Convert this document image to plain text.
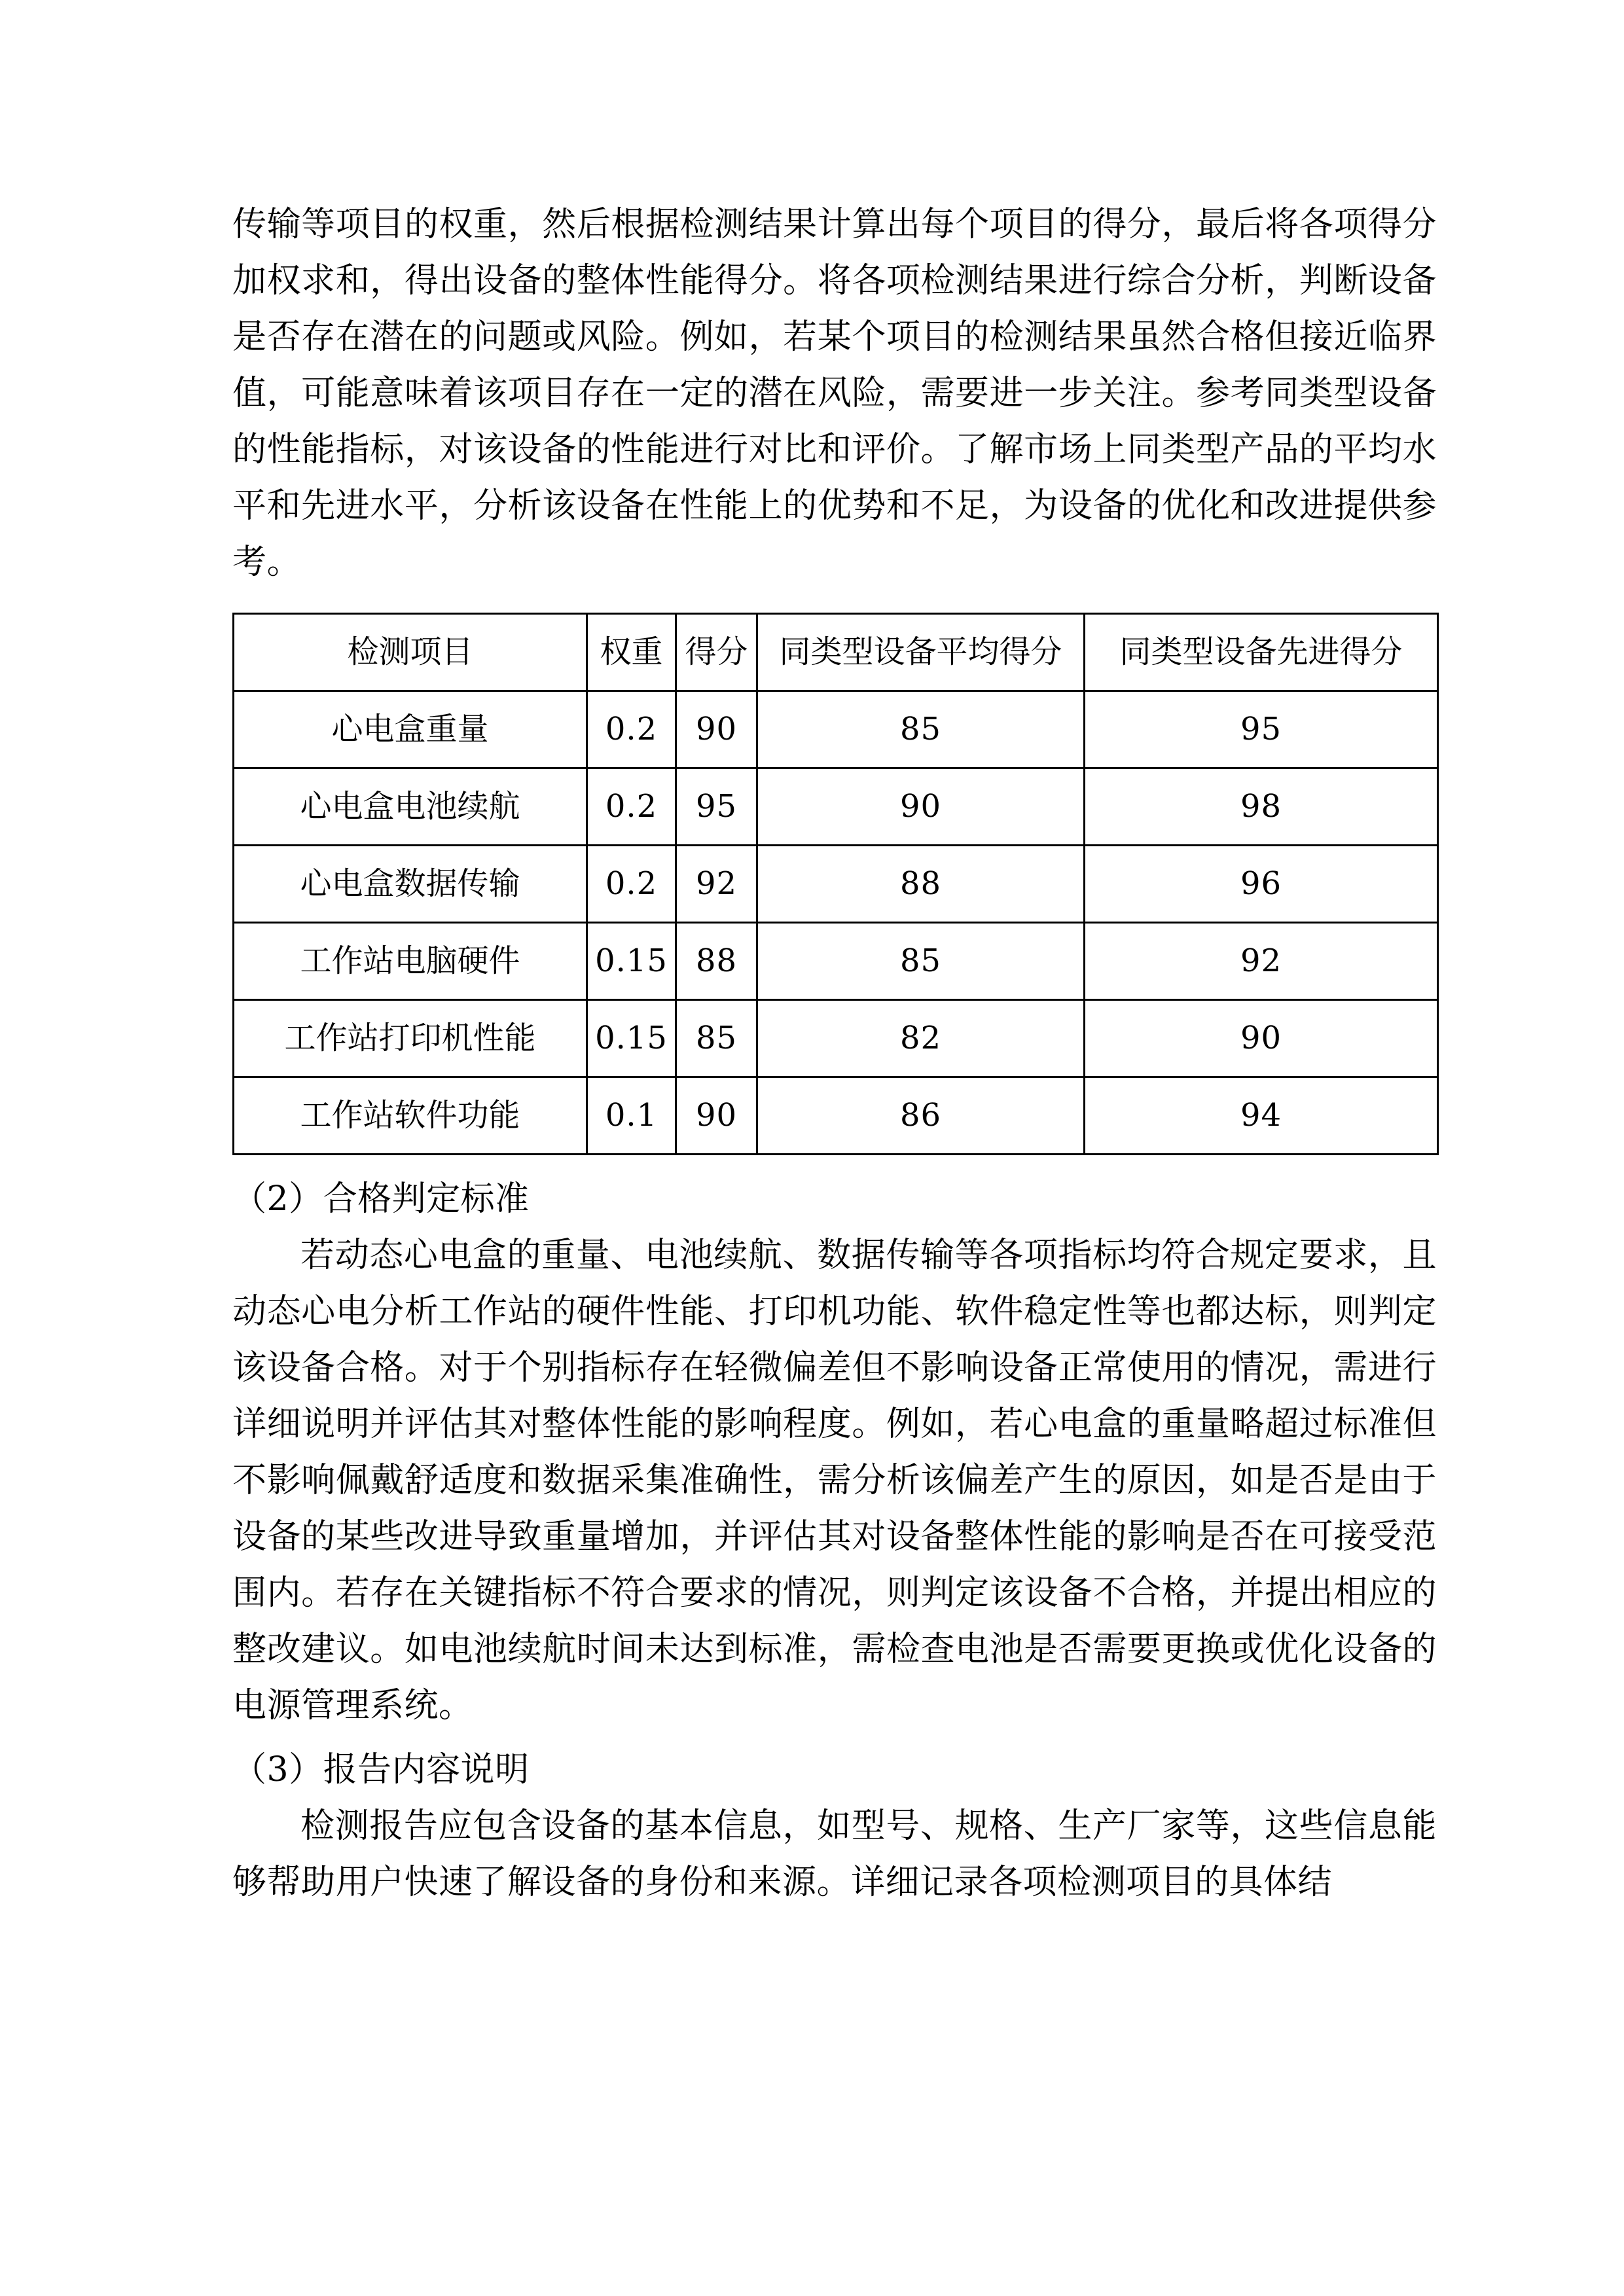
传输等项目的权重，然后根据检测结果计算出每个项目的得分，最后将各项得分加权求和，得出设备的整体性能得分。将各项检测结果进行综合分析，判断设备是否存在潜在的问题或风险。例如，若某个项目的检测结果虽然合格但接近临界值，可能意味着该项目存在一定的潜在风险，需要进一步关注。参考同类型设备的性能指标，对该设备的性能进行对比和评价。了解市场上同类型产品的平均水平和先进水平，分析该设备在性能上的优势和不足，为设备的优化和改进提供参考。

检测项目	权重	得分	同类型设备平均得分	同类型设备先进得分
心电盒重量	0.2	90	85	95
心电盒电池续航	0.2	95	90	98
心电盒数据传输	0.2	92	88	96
工作站电脑硬件	0.15	88	85	92
工作站打印机性能	0.15	85	82	90
工作站软件功能	0.1	90	86	94

（2）合格判定标准

若动态心电盒的重量、电池续航、数据传输等各项指标均符合规定要求，且动态心电分析工作站的硬件性能、打印机功能、软件稳定性等也都达标，则判定该设备合格。对于个别指标存在轻微偏差但不影响设备正常使用的情况，需进行详细说明并评估其对整体性能的影响程度。例如，若心电盒的重量略超过标准但不影响佩戴舒适度和数据采集准确性，需分析该偏差产生的原因，如是否是由于设备的某些改进导致重量增加，并评估其对设备整体性能的影响是否在可接受范围内。若存在关键指标不符合要求的情况，则判定该设备不合格，并提出相应的整改建议。如电池续航时间未达到标准，需检查电池是否需要更换或优化设备的电源管理系统。

（3）报告内容说明

检测报告应包含设备的基本信息，如型号、规格、生产厂家等，这些信息能够帮助用户快速了解设备的身份和来源。详细记录各项检测项目的具体结
